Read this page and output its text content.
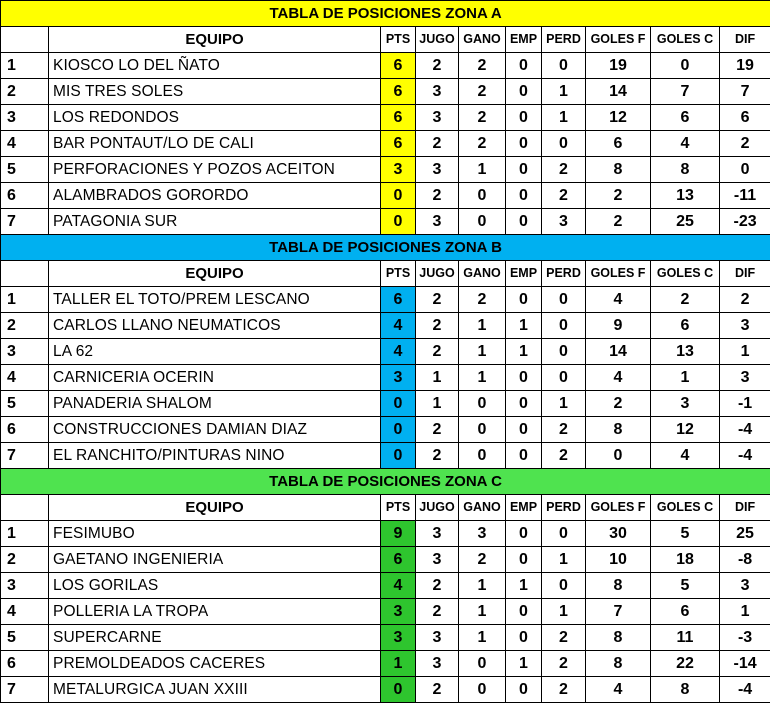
TABLA DE POSICIONES ZONA A									
	EQUIPO	PTS	JUGO	GANO	EMP	PERD	GOLES F	GOLES C	DIF
1	KIOSCO LO DEL ÑATO	6	2	2	0	0	19	0	19
2	MIS TRES SOLES	6	3	2	0	1	14	7	7
3	LOS REDONDOS	6	3	2	0	1	12	6	6
4	BAR PONTAUT/LO DE CALI	6	2	2	0	0	6	4	2
5	PERFORACIONES Y POZOS ACEITON	3	3	1	0	2	8	8	0
6	ALAMBRADOS GORORDO	0	2	0	0	2	2	13	-11
7	PATAGONIA SUR	0	3	0	0	3	2	25	-23
TABLA DE POSICIONES ZONA B									
	EQUIPO	PTS	JUGO	GANO	EMP	PERD	GOLES F	GOLES C	DIF
1	TALLER EL TOTO/PREM LESCANO	6	2	2	0	0	4	2	2
2	CARLOS LLANO NEUMATICOS	4	2	1	1	0	9	6	3
3	LA 62	4	2	1	1	0	14	13	1
4	CARNICERIA OCERIN	3	1	1	0	0	4	1	3
5	PANADERIA SHALOM	0	1	0	0	1	2	3	-1
6	CONSTRUCCIONES DAMIAN DIAZ	0	2	0	0	2	8	12	-4
7	EL RANCHITO/PINTURAS NINO	0	2	0	0	2	0	4	-4
TABLA DE POSICIONES ZONA C									
	EQUIPO	PTS	JUGO	GANO	EMP	PERD	GOLES F	GOLES C	DIF
1	FESIMUBO	9	3	3	0	0	30	5	25
2	GAETANO INGENIERIA	6	3	2	0	1	10	18	-8
3	LOS GORILAS	4	2	1	1	0	8	5	3
4	POLLERIA LA TROPA	3	2	1	0	1	7	6	1
5	SUPERCARNE	3	3	1	0	2	8	11	-3
6	PREMOLDEADOS CACERES	1	3	0	1	2	8	22	-14
7	METALURGICA JUAN XXIII	0	2	0	0	2	4	8	-4
